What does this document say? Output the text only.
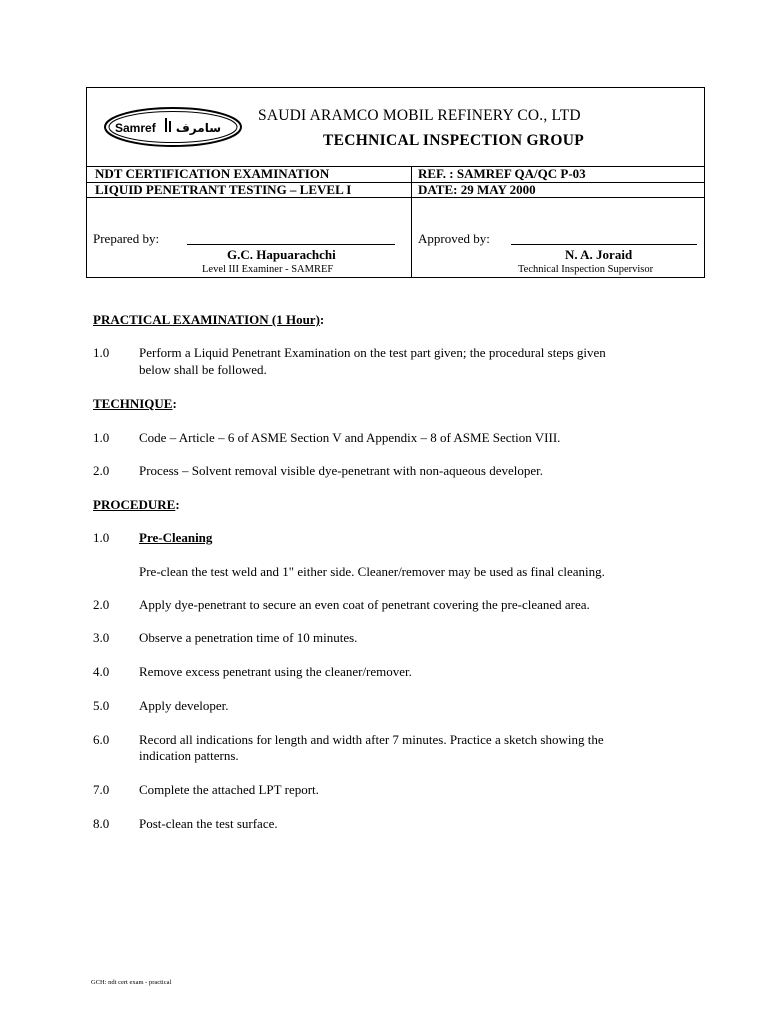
Samref سامرف
SAUDI ARAMCO MOBIL REFINERY CO., LTD
TECHNICAL INSPECTION GROUP
NDT CERTIFICATION EXAMINATION	REF. : SAMREF QA/QC P-03
LIQUID PENETRANT TESTING – LEVEL I	DATE: 29 MAY 2000
Prepared by:
G.C. Hapuarachchi
Level III Examiner - SAMREF
Approved by:
N. A. Joraid
Technical Inspection Supervisor
PRACTICAL EXAMINATION (1 Hour):
1.0 Perform a Liquid Penetrant Examination on the test part given; the procedural steps given
below shall be followed.
TECHNIQUE:
1.0 Code – Article – 6 of ASME Section V and Appendix – 8 of ASME Section VIII.
2.0 Process – Solvent removal visible dye-penetrant with non-aqueous developer.
PROCEDURE:
1.0 Pre-Cleaning
Pre-clean the test weld and 1" either side. Cleaner/remover may be used as final cleaning.
2.0 Apply dye-penetrant to secure an even coat of penetrant covering the pre-cleaned area.
3.0 Observe a penetration time of 10 minutes.
4.0 Remove excess penetrant using the cleaner/remover.
5.0 Apply developer.
6.0 Record all indications for length and width after 7 minutes. Practice a sketch showing the
indication patterns.
7.0 Complete the attached LPT report.
8.0 Post-clean the test surface.
GCH: ndt cert exam - practical
